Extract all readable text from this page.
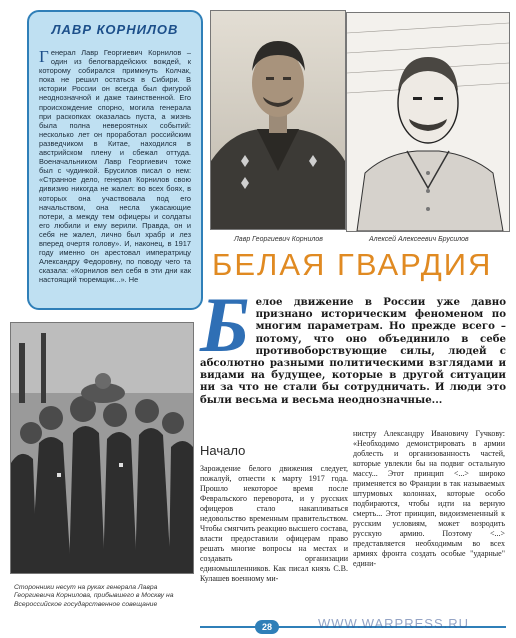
ЛАВР КОРНИЛОВ
Генерал Лавр Георгиевич Корнилов – один из белогвардейских вождей, к которому собирался примкнуть Колчак, пока не решил остаться в Сибири. В истории России он всегда был фигурой неоднозначной и даже таинственной. Его происхождение спорно, могила генерала при раскопках оказалась пуста, а жизнь была полна невероятных событий: несколько лет он проработал российским разведчиком в Китае, находился в австрийском плену и сбежал оттуда. Военачальником Лавр Георгиевич тоже был с чудинкой. Брусилов писал о нем: «Странное дело, генерал Корнилов свою дивизию никогда не жалел: во всех боях, в которых она участвовала под его начальством, она несла ужасающие потери, а между тем офицеры и солдаты его любили и ему верили. Правда, он и себя не жалел, лично был храбр и лез вперед очертя голову». И, наконец, в 1917 году именно он арестовал императрицу Александру Федоровну, по поводу чего та сказала: «Корнилов вел себя в эти дни как настоящий тюремщик...». Не
Лавр Георгиевич Корнилов	Алексей Алексеевич Брусилов
БЕЛАЯ ГВАРДИЯ
Сторонники несут на руках генерала Лавра Георгиевича Корнилова, прибывшего в Москву на Всероссийское государственное совещание
Белое движение в России уже давно признано историческим феноменом по многим параметрам. Но прежде всего – потому, что оно объединило в себе противоборствующие силы, людей с абсолютно разными политическими взглядами и видами на будущее, которые в другой ситуации ни за что не стали бы сотрудничать. И люди это были весьма и весьма неоднозначные...
Начало
Зарождение белого движения следует, пожалуй, отнести к марту 1917 года. Прошло некоторое время после Февральского переворота, и у русских офицеров стало накапливаться недовольство временным правительством. Чтобы смягчить реакцию высшего состава, власти предоставили офицерам право решать многие вопросы на местах и создавать организации единомышленников. Как писал князь С.В. Кулашев военному ми-
нистру Александру Ивановичу Гучкову: «Необходимо демонстрировать в армии доблесть и организованность частей, которые увлекли бы на подвиг остальную массу... Этот принцип <...> широко применяется во Франции в так называемых штурмовых колоннах, которые особо подбираются, чтобы идти на верную смерть... Этот принцип, видоизмененный к русским условиям, может возродить русскую армию. Поэтому <...> представляется необходимым во всех армиях фронта создать особые "ударные" едини-
28	WWW.WARPRESS.RU
